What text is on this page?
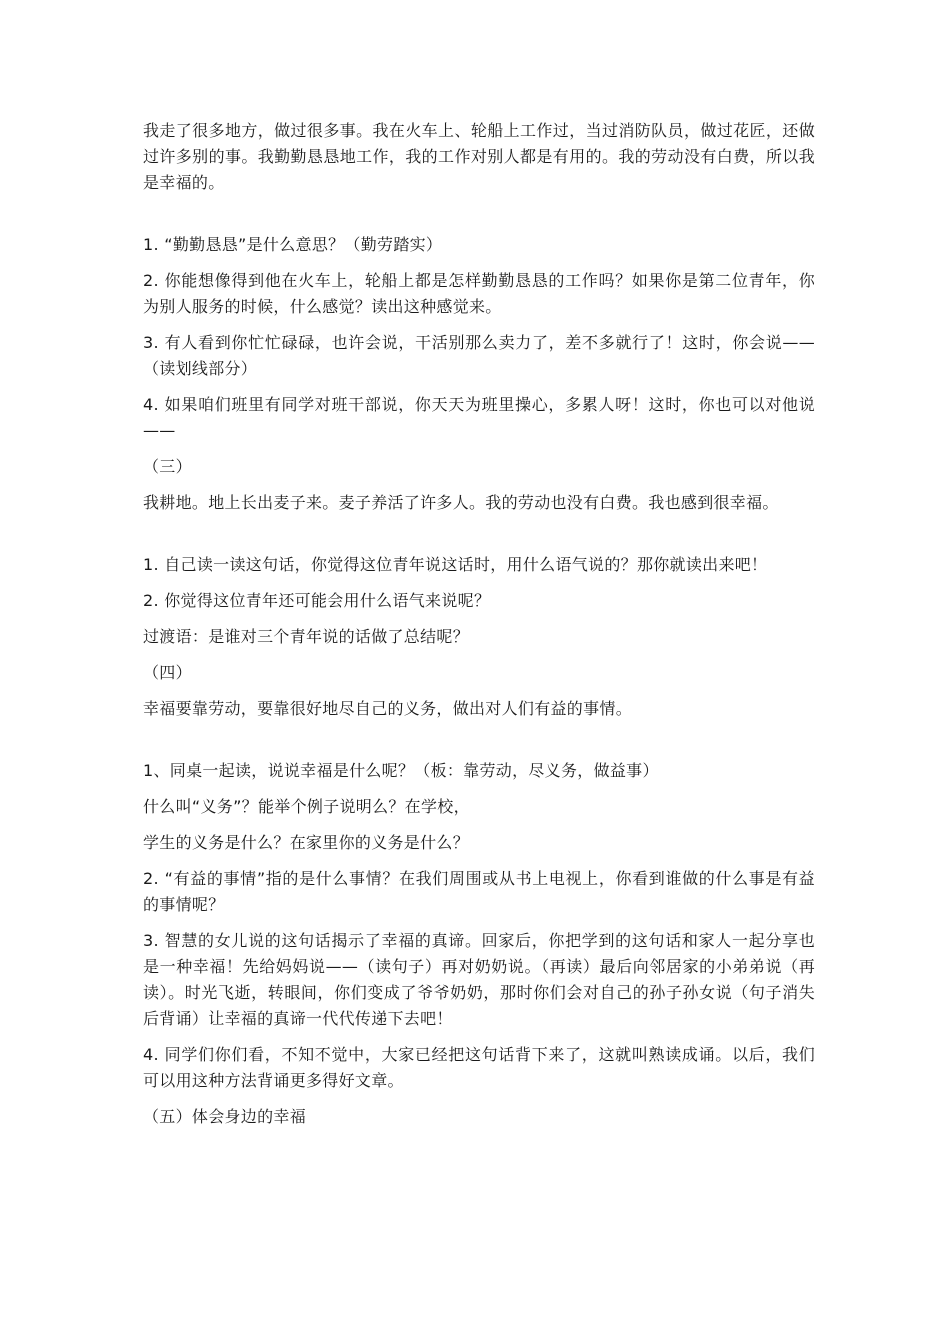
我走了很多地方，做过很多事。我在火车上、轮船上工作过，当过消防队员，做过花匠，还做过许多别的事。我勤勤恳恳地工作，我的工作对别人都是有用的。我的劳动没有白费，所以我是幸福的。

1. “勤勤恳恳”是什么意思？（勤劳踏实）

2. 你能想像得到他在火车上，轮船上都是怎样勤勤恳恳的工作吗？如果你是第二位青年，你为别人服务的时候，什么感觉？读出这种感觉来。

3. 有人看到你忙忙碌碌，也许会说，干活别那么卖力了，差不多就行了！这时，你会说——（读划线部分）

4. 如果咱们班里有同学对班干部说，你天天为班里操心，多累人呀！这时，你也可以对他说——

（三）

我耕地。地上长出麦子来。麦子养活了许多人。我的劳动也没有白费。我也感到很幸福。

1. 自己读一读这句话，你觉得这位青年说这话时，用什么语气说的？那你就读出来吧！

2. 你觉得这位青年还可能会用什么语气来说呢？

过渡语：是谁对三个青年说的话做了总结呢？

（四）

幸福要靠劳动，要靠很好地尽自己的义务，做出对人们有益的事情。

1、同桌一起读，说说幸福是什么呢？（板：靠劳动，尽义务，做益事）

什么叫“义务”？能举个例子说明么？在学校，

学生的义务是什么？在家里你的义务是什么？

2. “有益的事情”指的是什么事情？在我们周围或从书上电视上，你看到谁做的什么事是有益的事情呢？

3. 智慧的女儿说的这句话揭示了幸福的真谛。回家后，你把学到的这句话和家人一起分享也是一种幸福！先给妈妈说——（读句子）再对奶奶说。（再读）最后向邻居家的小弟弟说（再读）。时光飞逝，转眼间，你们变成了爷爷奶奶，那时你们会对自己的孙子孙女说（句子消失后背诵）让幸福的真谛一代代传递下去吧！

4. 同学们你们看，不知不觉中，大家已经把这句话背下来了，这就叫熟读成诵。以后，我们可以用这种方法背诵更多得好文章。

（五）体会身边的幸福
